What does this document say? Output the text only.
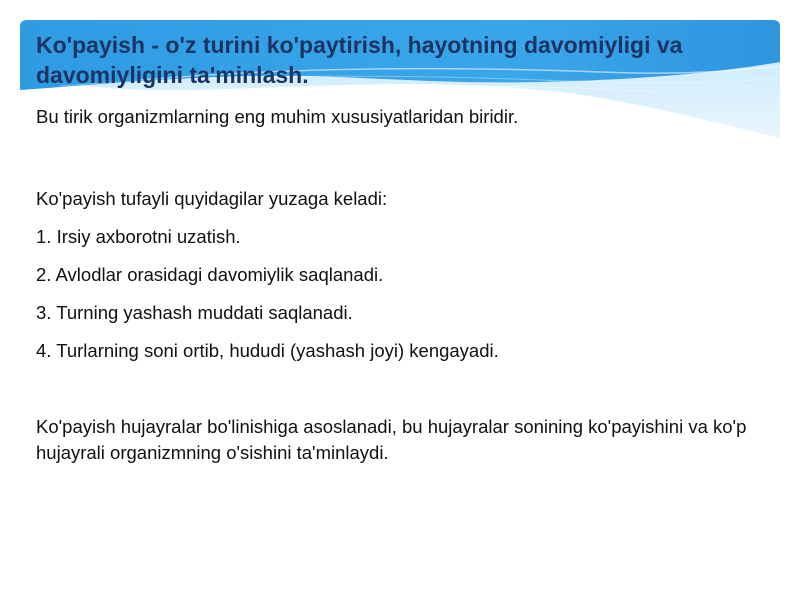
Ko'payish - o'z turini ko'paytirish, hayotning davomiyligi va davomiyligini ta'minlash.

Bu tirik organizmlarning eng muhim xususiyatlaridan biridir.

Ko'payish tufayli quyidagilar yuzaga keladi:

1. Irsiy axborotni uzatish.

2. Avlodlar orasidagi davomiylik saqlanadi.

3. Turning yashash muddati saqlanadi.

4. Turlarning soni ortib, hududi (yashash joyi) kengayadi.

Ko'payish hujayralar bo'linishiga asoslanadi, bu hujayralar sonining ko'payishini va ko'p hujayrali organizmning o'sishini ta'minlaydi.
